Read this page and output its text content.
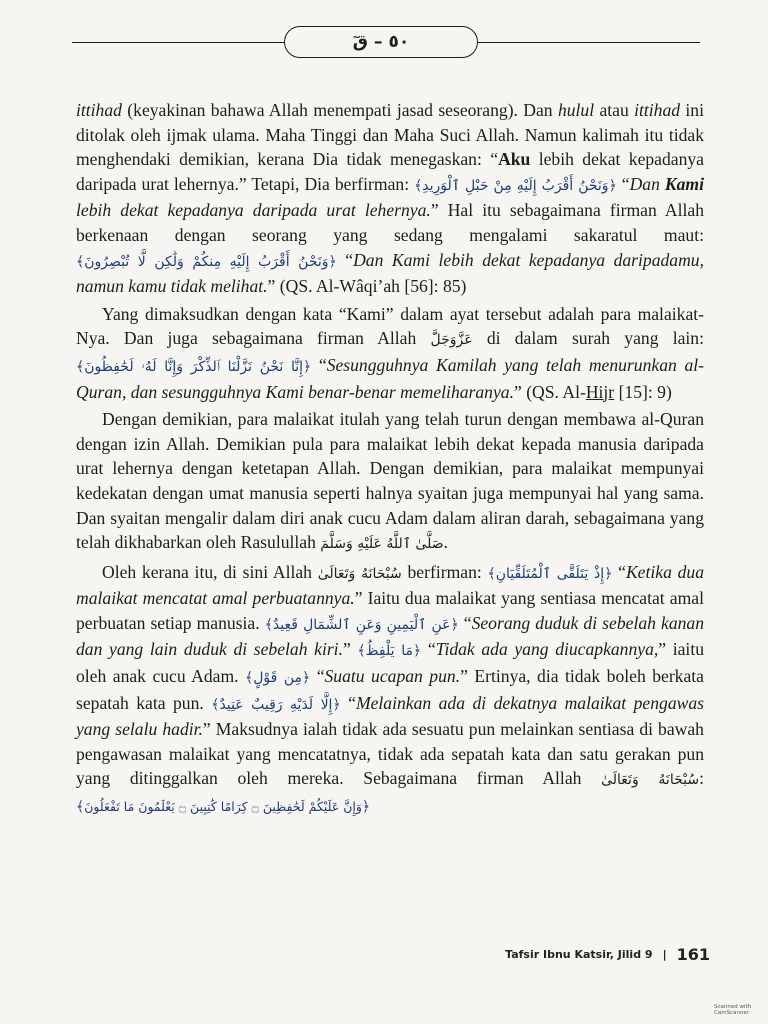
قٓ – ٥٠

ittihad (keyakinan bahawa Allah menempati jasad seseorang). Dan hulul atau ittihad ini ditolak oleh ijmak ulama. Maha Tinggi dan Maha Suci Allah. Namun kalimah itu tidak menghendaki demikian, kerana Dia tidak menegaskan: “Aku lebih dekat kepadanya daripada urat lehernya.” Tetapi, Dia berfirman: ﴾وَنَحْنُ أَقْرَبُ إِلَيْهِ مِنْ حَبْلِ ٱلْوَرِيدِ﴿ “Dan Kami lebih dekat kepadanya daripada urat lehernya.” Hal itu sebagaimana firman Allah berkenaan dengan seorang yang sedang mengalami sakaratul maut: ﴾وَنَحْنُ أَقْرَبُ إِلَيْهِ مِنكُمْ وَلَٰكِن لَّا تُبْصِرُونَ﴿ “Dan Kami lebih dekat kepadanya daripadamu, namun kamu tidak melihat.” (QS. Al-Wâqi’ah [56]: 85)

Yang dimaksudkan dengan kata “Kami” dalam ayat tersebut adalah para malaikat-Nya. Dan juga sebagaimana firman Allah عَزَّوَجَلَّ di dalam surah yang lain: ﴾إِنَّا نَحْنُ نَزَّلْنَا ٱلذِّكْرَ وَإِنَّا لَهُۥ لَحَٰفِظُونَ﴿ “Sesungguhnya Kamilah yang telah menurunkan al-Quran, dan sesungguhnya Kami benar-benar memeliharanya.” (QS. Al-Hijr [15]: 9)

Dengan demikian, para malaikat itulah yang telah turun dengan membawa al-Quran dengan izin Allah. Demikian pula para malaikat lebih dekat kepada manusia daripada urat lehernya dengan ketetapan Allah. Dengan demikian, para malaikat mempunyai kedekatan dengan umat manusia seperti halnya syaitan juga mempunyai hal yang sama. Dan syaitan mengalir dalam diri anak cucu Adam dalam aliran darah, sebagaimana yang telah dikhabarkan oleh Rasulullah صَلَّىٰ ٱللَّهُ عَلَيْهِ وَسَلَّمَ.

Oleh kerana itu, di sini Allah سُبْحَانَهُ وَتَعَالَىٰ berfirman: ﴾إِذْ يَتَلَقَّى ٱلْمُتَلَقِّيَانِ﴿ “Ketika dua malaikat mencatat amal perbuatannya.” Iaitu dua malaikat yang sentiasa mencatat amal perbuatan setiap manusia. ﴾عَنِ ٱلْيَمِينِ وَعَنِ ٱلشِّمَالِ قَعِيدٌ﴿ “Seorang duduk di sebelah kanan dan yang lain duduk di sebelah kiri.” ﴾مَا يَلْفِظُ﴿ “Tidak ada yang diucapkannya,” iaitu oleh anak cucu Adam. ﴾مِن قَوْلٍ﴿ “Suatu ucapan pun.” Ertinya, dia tidak boleh berkata sepatah kata pun. ﴾إِلَّا لَدَيْهِ رَقِيبٌ عَتِيدٌ﴿ “Melainkan ada di dekatnya malaikat pengawas yang selalu hadir.” Maksudnya ialah tidak ada sesuatu pun melainkan sentiasa di bawah pengawasan malaikat yang mencatatnya, tidak ada sepatah kata dan satu gerakan pun yang ditinggalkan oleh mereka. Sebagaimana firman Allah سُبْحَانَهُ وَتَعَالَىٰ: ﴾وَإِنَّ عَلَيْكُمْ لَحَٰفِظِينَ ۝ كِرَامًا كَٰتِبِينَ ۝ يَعْلَمُونَ مَا تَفْعَلُونَ﴿

Tafsir Ibnu Katsir, Jilid 9 | 161
Scanned with CamScanner
